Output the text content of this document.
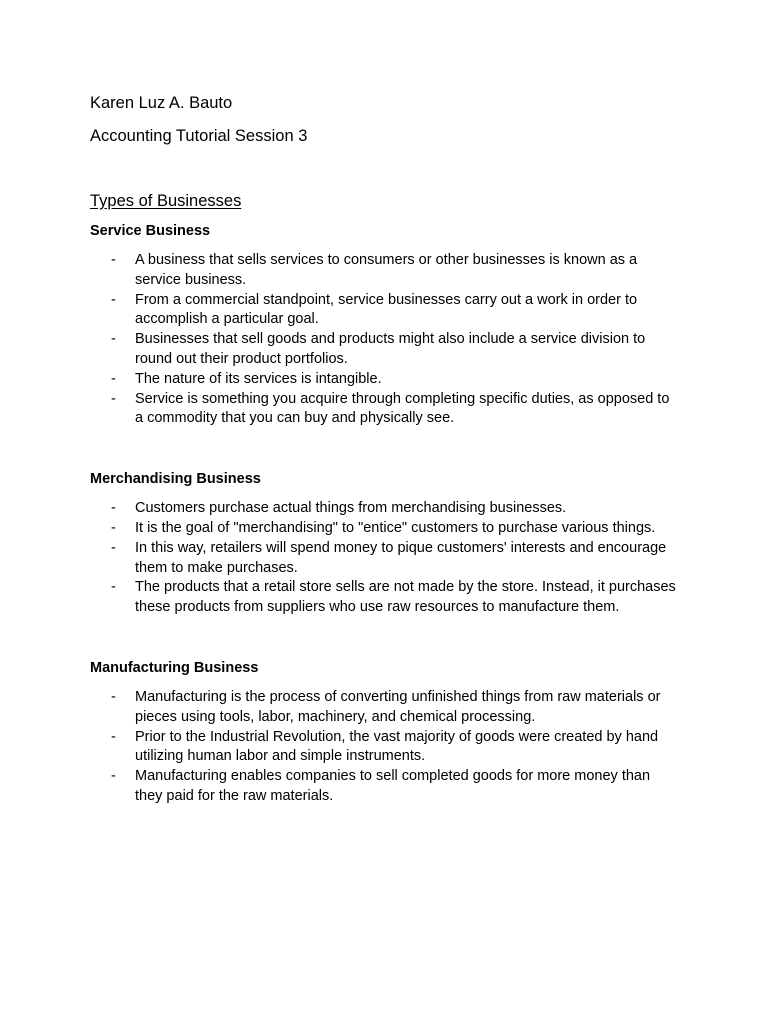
Karen Luz A. Bauto

Accounting Tutorial Session 3

Types of Businesses

Service Business

- A business that sells services to consumers or other businesses is known as a service business.
- From a commercial standpoint, service businesses carry out a work in order to accomplish a particular goal.
- Businesses that sell goods and products might also include a service division to round out their product portfolios.
- The nature of its services is intangible.
- Service is something you acquire through completing specific duties, as opposed to a commodity that you can buy and physically see.

Merchandising Business

- Customers purchase actual things from merchandising businesses.
- It is the goal of "merchandising" to "entice" customers to purchase various things.
- In this way, retailers will spend money to pique customers' interests and encourage them to make purchases.
- The products that a retail store sells are not made by the store. Instead, it purchases these products from suppliers who use raw resources to manufacture them.

Manufacturing Business

- Manufacturing is the process of converting unfinished things from raw materials or pieces using tools, labor, machinery, and chemical processing.
- Prior to the Industrial Revolution, the vast majority of goods were created by hand utilizing human labor and simple instruments.
- Manufacturing enables companies to sell completed goods for more money than they paid for the raw materials.
